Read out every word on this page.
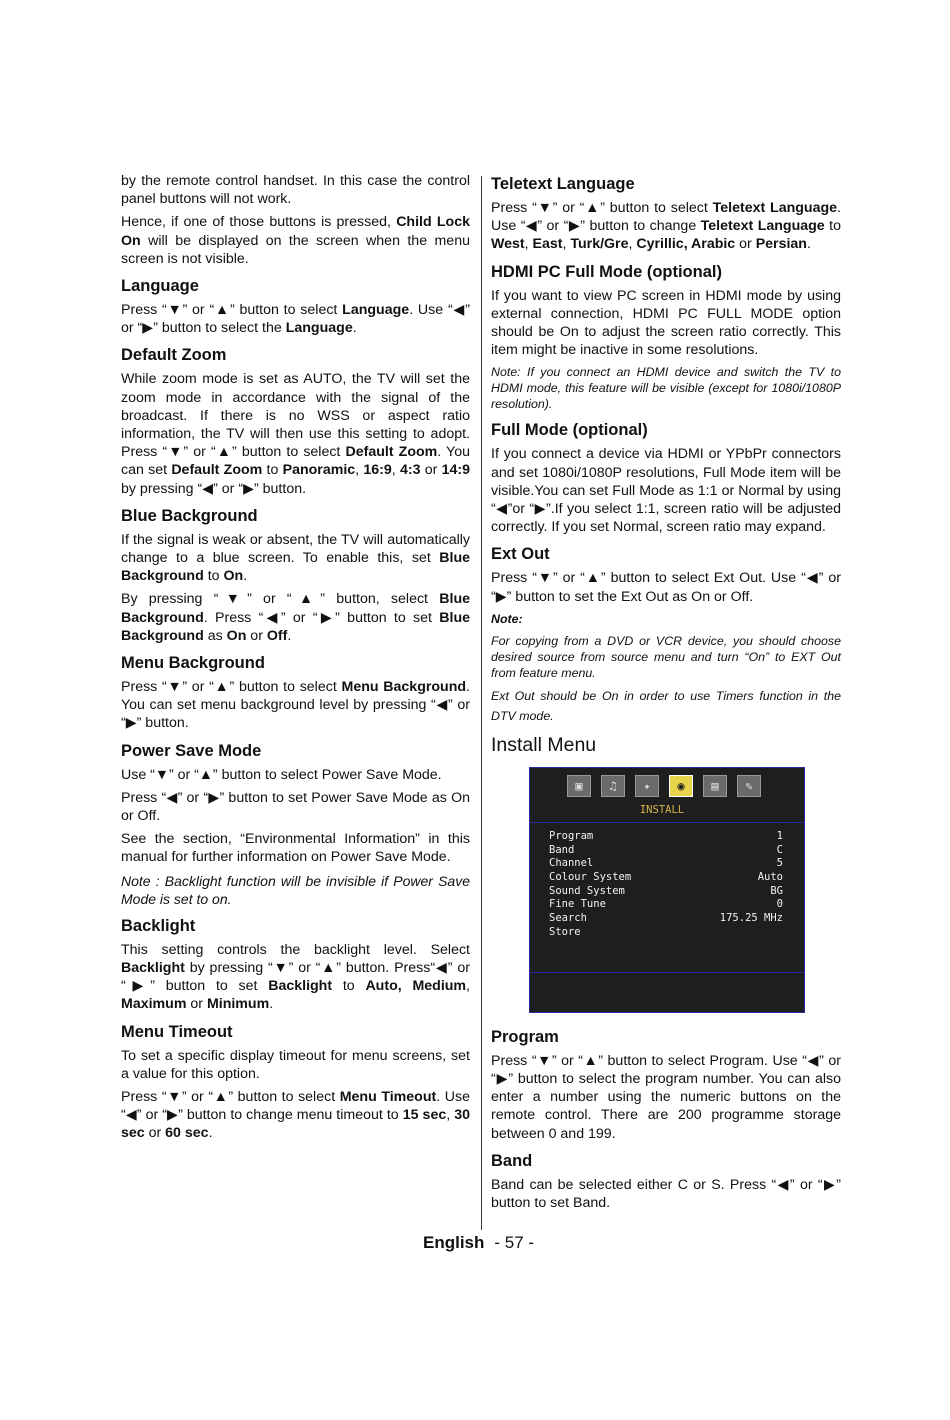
by the remote control handset. In this case the control panel buttons will not work.

Hence, if one of those buttons is pressed, Child Lock On will be displayed on the screen when the menu screen is not visible.

Language

Press “▼” or “▲” button to select Language. Use “◀” or “▶” button to select the Language.

Default Zoom

While zoom mode is set as AUTO, the TV will set the zoom mode in accordance with the signal of the broadcast. If there is no WSS or aspect ratio information, the TV will then use this setting to adopt. Press “▼” or “▲” button to select Default Zoom. You can set Default Zoom to Panoramic, 16:9, 4:3 or 14:9 by pressing “◀” or “▶” button.

Blue Background

If the signal is weak or absent, the TV will automatically change to a blue screen. To enable this, set Blue Background to On.

By pressing “▼” or “▲” button, select Blue Background. Press “◀” or “▶” button to set Blue Background as On or Off.

Menu Background

Press “▼” or “▲” button to select Menu Background. You can set menu background level by pressing “◀” or “▶” button.

Power Save Mode

Use “▼” or “▲” button to select Power Save Mode.

Press “◀” or “▶” button to set Power Save Mode as On or Off.

See the section, “Environmental Information” in this manual for further information on Power Save Mode.

Note : Backlight function will be invisible if Power Save Mode is set to on.

Backlight

This setting controls the backlight level. Select Backlight by pressing “▼” or “▲” button. Press“◀” or “▶” button to set Backlight to Auto, Medium, Maximum or Minimum.

Menu Timeout

To set a specific display timeout for menu screens, set a value for this option.

Press “▼” or “▲” button to select Menu Timeout. Use “◀” or “▶” button to change menu timeout to 15 sec, 30 sec or 60 sec.

Teletext Language

Press “▼” or “▲” button to select Teletext Language. Use “◀” or “▶” button to change Teletext Language to West, East, Turk/Gre, Cyrillic, Arabic or Persian.

HDMI PC Full Mode (optional)

If you want to view PC screen in HDMI mode by using external connection, HDMI PC FULL MODE option should be On to adjust the screen ratio correctly. This item might be inactive in some resolutions.

Note: If you connect an HDMI device and switch the TV to HDMI mode, this feature will be visible (except for 1080i/1080P resolution).

Full Mode (optional)

If you connect a device via HDMI or YPbPr connectors and set 1080i/1080P resolutions, Full Mode item will be visible.You can set Full Mode as 1:1 or Normal by using “◀”or “▶”.If you select 1:1, screen ratio will be adjusted correctly. If you set Normal, screen ratio may expand.

Ext Out

Press “▼” or “▲” button to select Ext Out. Use “◀” or “▶” button to set the Ext Out as On or Off.

Note:

For copying from a DVD or VCR device, you should choose desired source from source menu and turn “On” to EXT Out from feature menu.

Ext Out should be On in order to use Timers function in the DTV mode.

Install Menu
▣	♫	✦	◉	▤	✎
INSTALL
Program	1
Band	C
Channel	5
Colour System	Auto
Sound System	BG
Fine Tune	0
Search	175.25 MHz
Store
Program

Press “▼” or “▲” button to select Program. Use “◀” or “▶” button to select the program number. You can also enter a number using the numeric buttons on the remote control. There are 200 programme storage between 0 and 199.

Band

Band can be selected either C or S. Press “◀” or “▶” button to set Band.

English - 57 -
